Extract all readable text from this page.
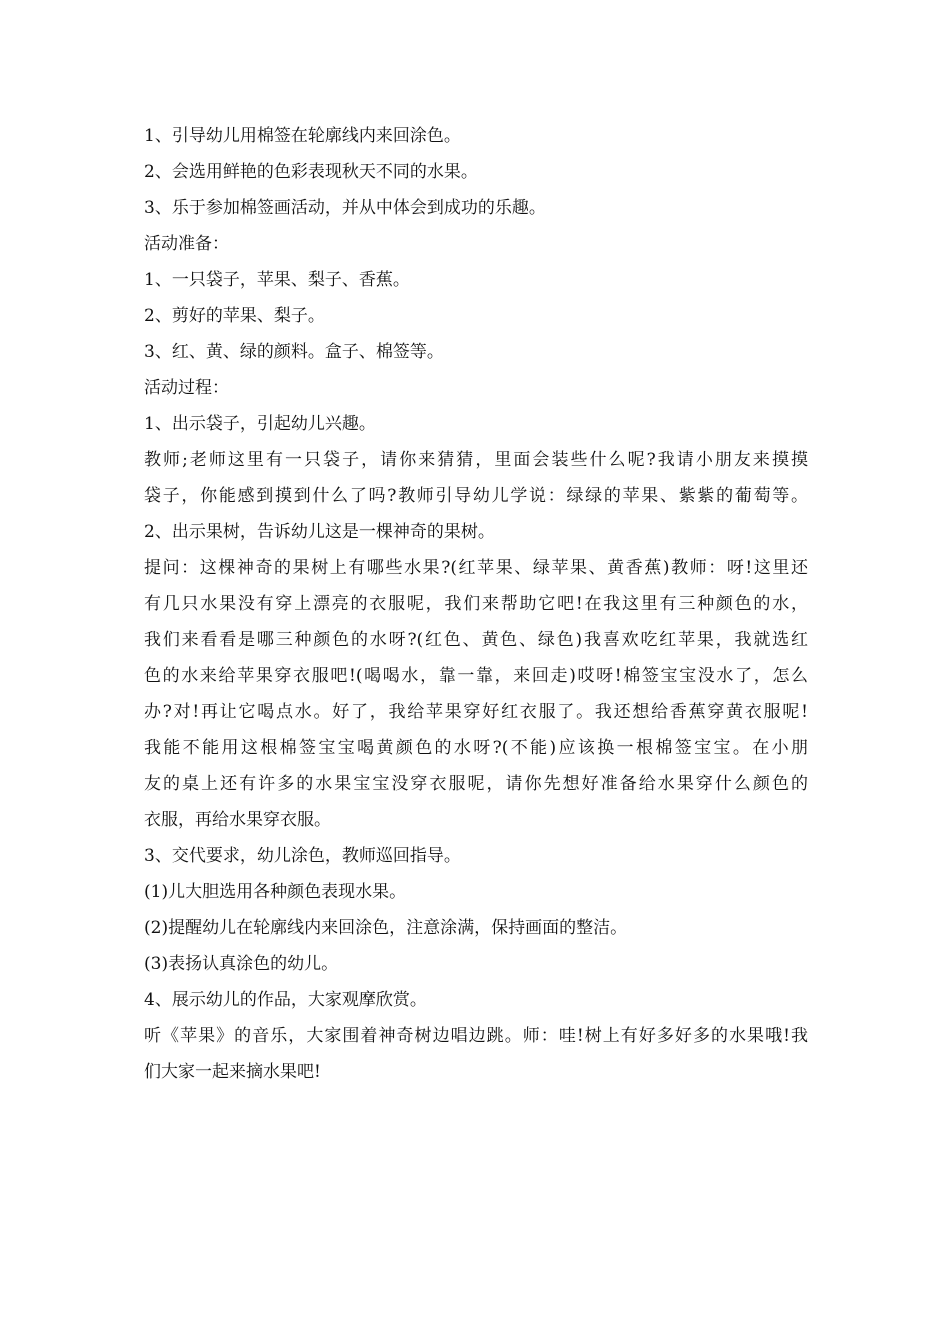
1、引导幼儿用棉签在轮廓线内来回涂色。
2、会选用鲜艳的色彩表现秋天不同的水果。
3、乐于参加棉签画活动，并从中体会到成功的乐趣。
活动准备：
1、一只袋子，苹果、梨子、香蕉。
2、剪好的苹果、梨子。
3、红、黄、绿的颜料。盒子、棉签等。
活动过程：
1、出示袋子，引起幼儿兴趣。
教师;老师这里有一只袋子，请你来猜猜，里面会装些什么呢?我请小朋友来摸摸
袋子，你能感到摸到什么了吗?教师引导幼儿学说：绿绿的苹果、紫紫的葡萄等。
2、出示果树，告诉幼儿这是一棵神奇的果树。
提问：这棵神奇的果树上有哪些水果?(红苹果、绿苹果、黄香蕉)教师：呀!这里还
有几只水果没有穿上漂亮的衣服呢，我们来帮助它吧!在我这里有三种颜色的水，
我们来看看是哪三种颜色的水呀?(红色、黄色、绿色)我喜欢吃红苹果，我就选红
色的水来给苹果穿衣服吧!(喝喝水，靠一靠，来回走)哎呀!棉签宝宝没水了，怎么
办?对!再让它喝点水。好了，我给苹果穿好红衣服了。我还想给香蕉穿黄衣服呢!
我能不能用这根棉签宝宝喝黄颜色的水呀?(不能)应该换一根棉签宝宝。在小朋
友的桌上还有许多的水果宝宝没穿衣服呢，请你先想好准备给水果穿什么颜色的
衣服，再给水果穿衣服。
3、交代要求，幼儿涂色，教师巡回指导。
(1)儿大胆选用各种颜色表现水果。
(2)提醒幼儿在轮廓线内来回涂色，注意涂满，保持画面的整洁。
(3)表扬认真涂色的幼儿。
4、展示幼儿的作品，大家观摩欣赏。
听《苹果》的音乐，大家围着神奇树边唱边跳。师：哇!树上有好多好多的水果哦!我
们大家一起来摘水果吧!
